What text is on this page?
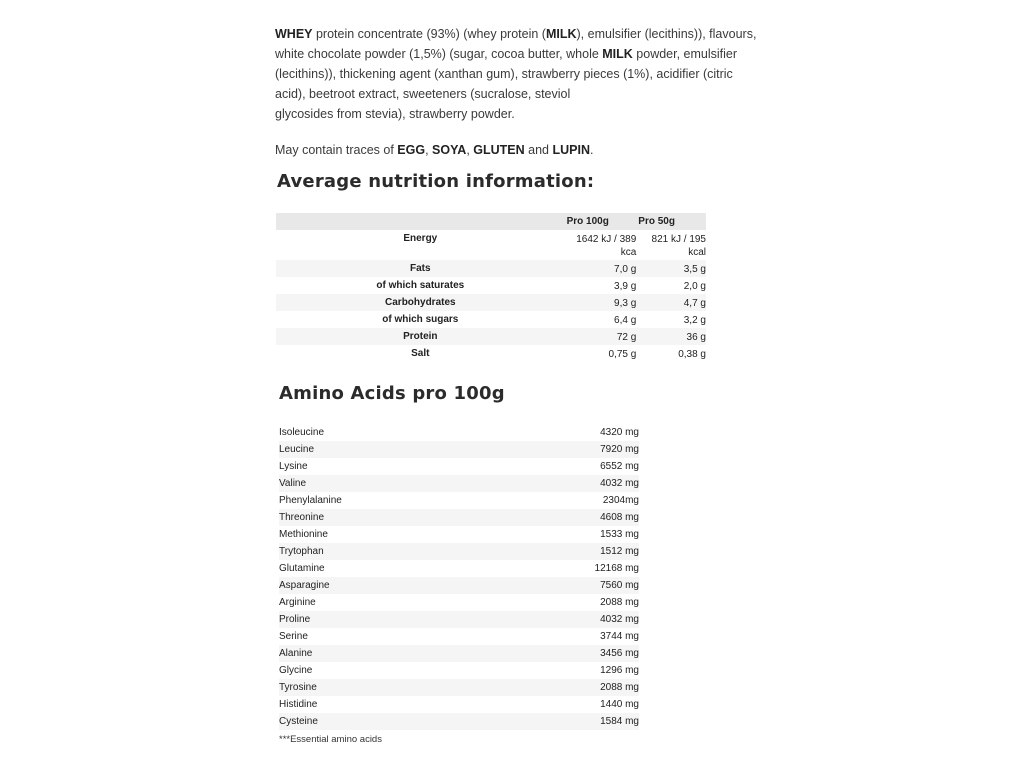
WHEY protein concentrate (93%) (whey protein (MILK), emulsifier (lecithins)), flavours, white chocolate powder (1,5%) (sugar, cocoa butter, whole MILK powder, emulsifier (lecithins)), thickening agent (xanthan gum), strawberry pieces (1%), acidifier (citric acid), beetroot extract, sweeteners (sucralose, steviol
glycosides from stevia), strawberry powder.

May contain traces of EGG, SOYA, GLUTEN and LUPIN.

Average nutrition information:
	Pro 100g	Pro 50g
Energy	1642 kJ / 389 kca	821 kJ / 195 kcal
Fats	7,0 g	3,5 g
of which saturates	3,9 g	2,0 g
Carbohydrates	9,3 g	4,7 g
of which sugars	6,4 g	3,2 g
Protein	72 g	36 g
Salt	0,75 g	0,38 g
Amino Acids pro 100g
Isoleucine	4320 mg
Leucine	7920 mg
Lysine	6552 mg
Valine	4032 mg
Phenylalanine	2304mg
Threonine	4608 mg
Methionine	1533 mg
Trytophan	1512 mg
Glutamine	12168 mg
Asparagine	7560 mg
Arginine	2088 mg
Proline	4032 mg
Serine	3744 mg
Alanine	3456 mg
Glycine	1296 mg
Tyrosine	2088 mg
Histidine	1440 mg
Cysteine	1584 mg
***Essential amino acids
